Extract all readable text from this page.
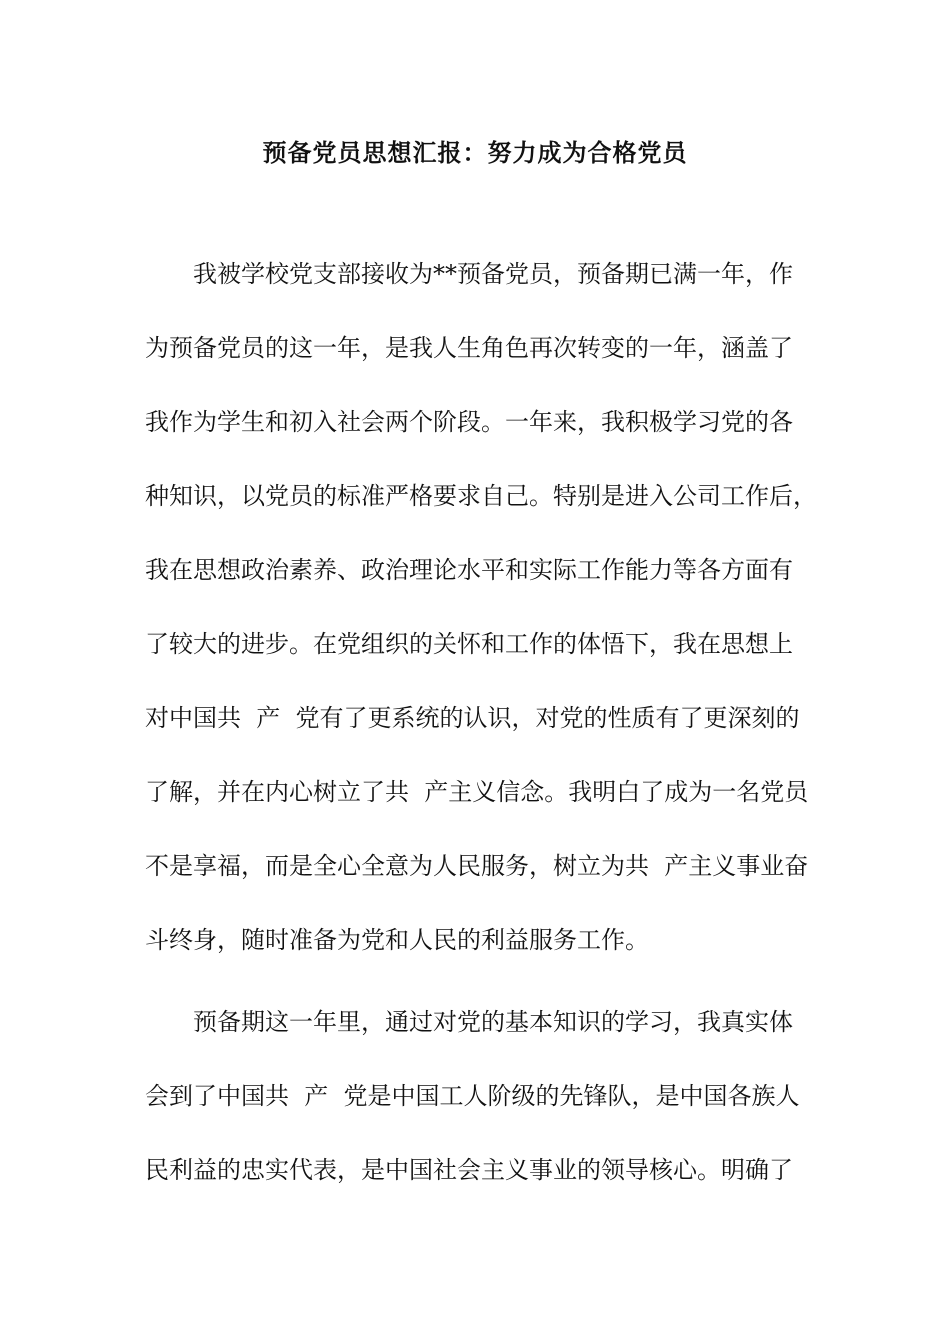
预备党员思想汇报：努力成为合格党员
我被学校党支部接收为**预备党员，预备期已满一年，作
为预备党员的这一年，是我人生角色再次转变的一年，涵盖了
我作为学生和初入社会两个阶段。一年来，我积极学习党的各
种知识，以党员的标准严格要求自己。特别是进入公司工作后，
我在思想政治素养、政治理论水平和实际工作能力等各方面有
了较大的进步。在党组织的关怀和工作的体悟下，我在思想上
对中国共  产  党有了更系统的认识，对党的性质有了更深刻的
了解，并在内心树立了共  产主义信念。我明白了成为一名党员
不是享福，而是全心全意为人民服务，树立为共  产主义事业奋
斗终身，随时准备为党和人民的利益服务工作。
预备期这一年里，通过对党的基本知识的学习，我真实体
会到了中国共  产  党是中国工人阶级的先锋队，是中国各族人
民利益的忠实代表，是中国社会主义事业的领导核心。明确了
